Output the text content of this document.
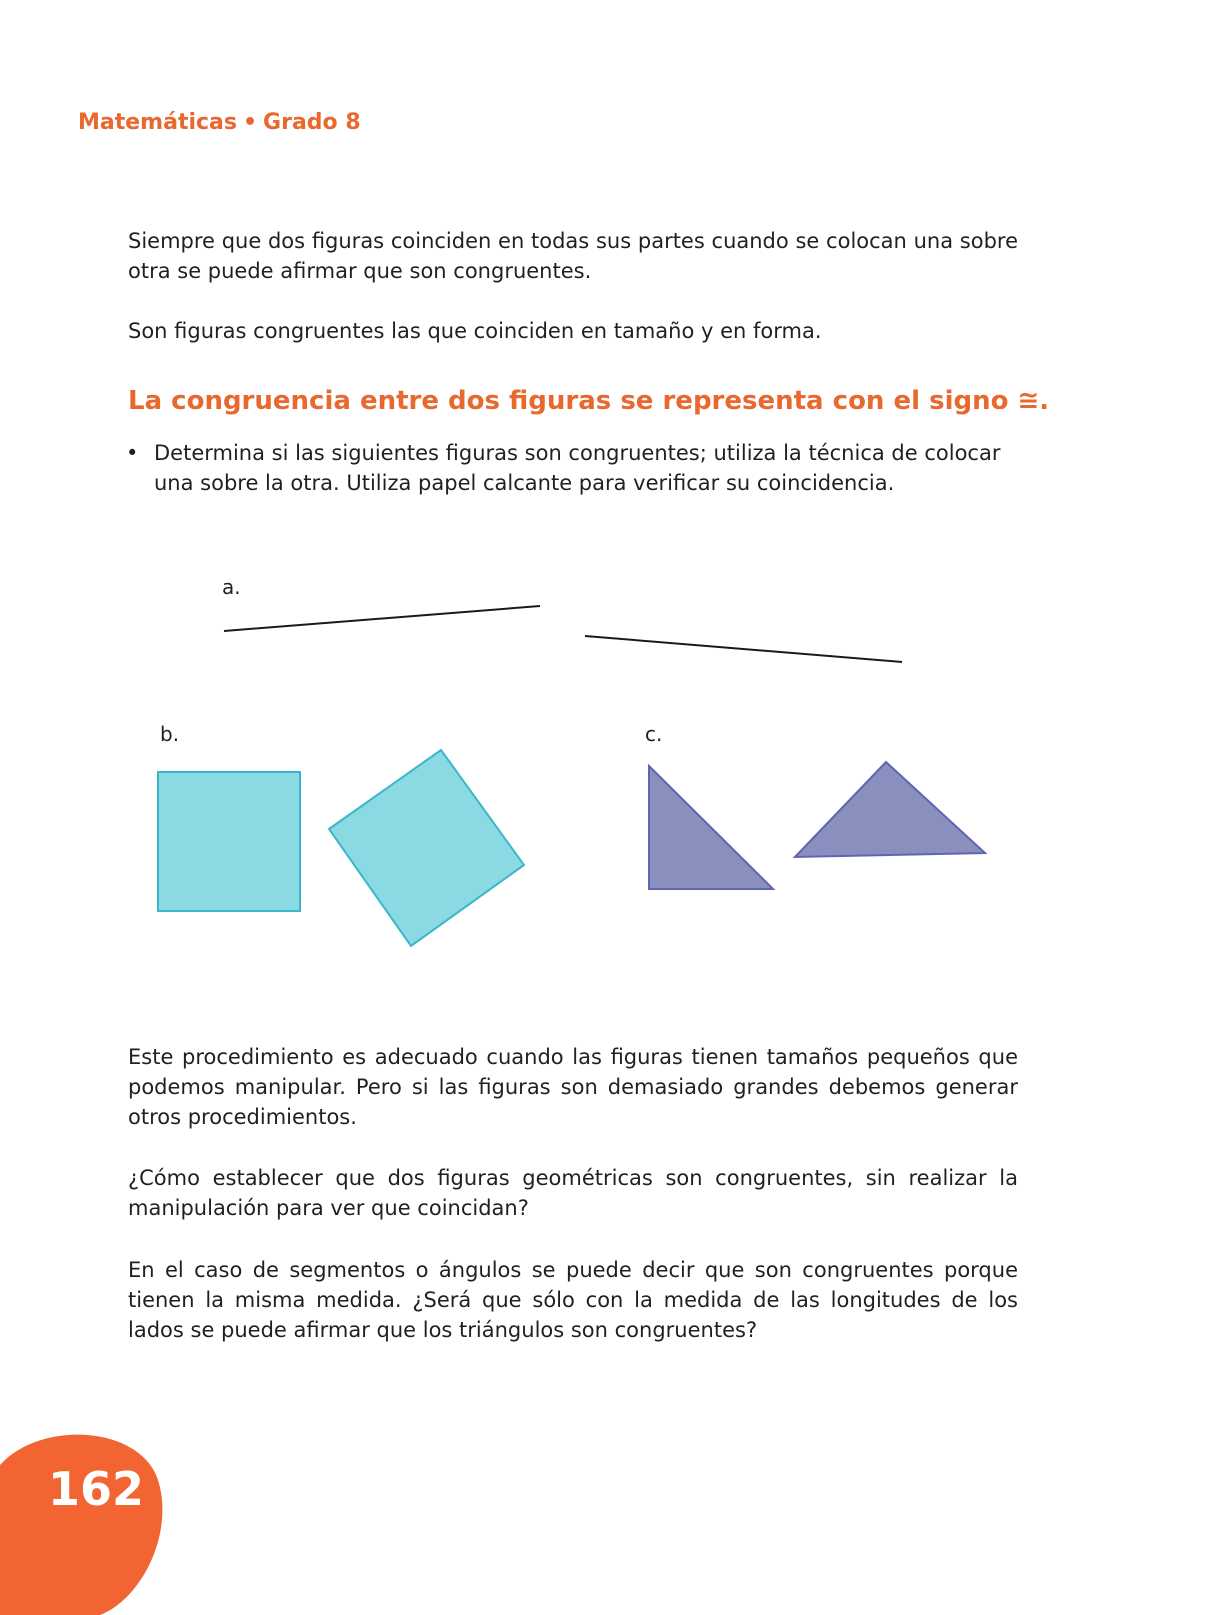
Matemáticas • Grado 8

Siempre que dos figuras coinciden en todas sus partes cuando se colocan una sobre otra se puede afirmar que son congruentes.

Son figuras congruentes las que coinciden en tamaño y en forma.

La congruencia entre dos figuras se representa con el signo ≅.
• Determina si las siguientes figuras son congruentes; utiliza la técnica de colocar una sobre la otra. Utiliza papel calcante para verificar su coincidencia.

a.
b.	c.

Este procedimiento es adecuado cuando las figuras tienen tamaños pequeños que podemos manipular. Pero si las figuras son demasiado grandes debemos generar otros procedimientos.

¿Cómo establecer que dos figuras geométricas son congruentes, sin realizar la manipulación para ver que coincidan?

En el caso de segmentos o ángulos se puede decir que son congruentes porque tienen la misma medida. ¿Será que sólo con la medida de las longitudes de los lados se puede afirmar que los triángulos son congruentes?

162
